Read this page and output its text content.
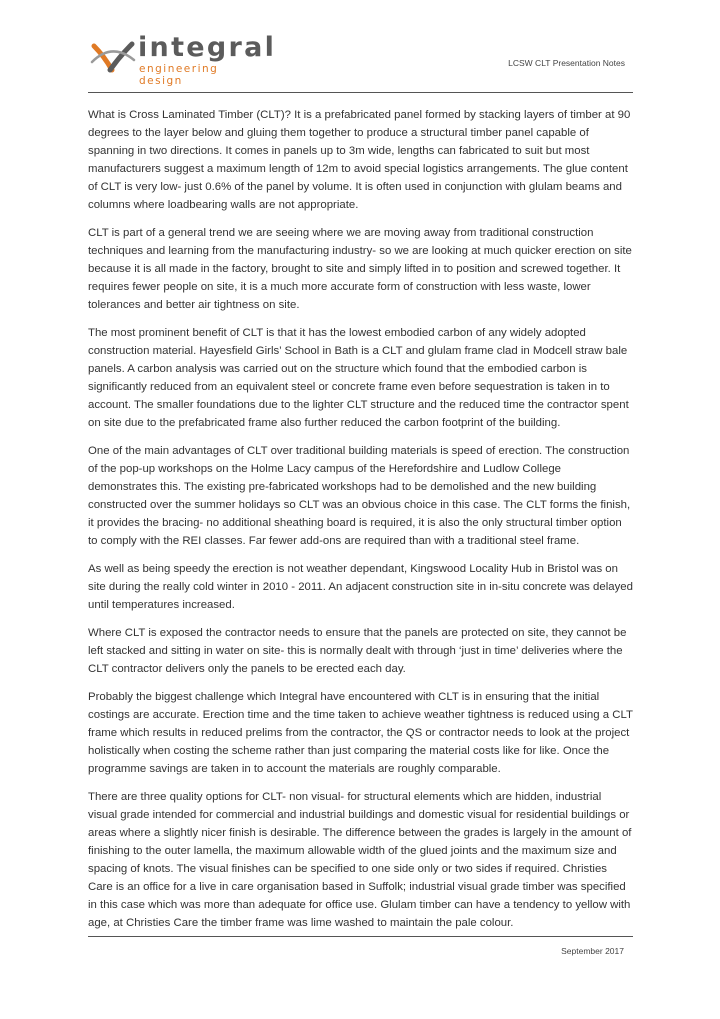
integral
engineering design
LCSW CLT Presentation Notes

What is Cross Laminated Timber (CLT)? It is a prefabricated panel formed by stacking layers of timber at 90 degrees to the layer below and gluing them together to produce a structural timber panel capable of spanning in two directions. It comes in panels up to 3m wide, lengths can fabricated to suit but most manufacturers suggest a maximum length of 12m to avoid special logistics arrangements. The glue content of CLT is very low- just 0.6% of the panel by volume. It is often used in conjunction with glulam beams and columns where loadbearing walls are not appropriate.

CLT is part of a general trend we are seeing where we are moving away from traditional construction techniques and learning from the manufacturing industry- so we are looking at much quicker erection on site because it is all made in the factory, brought to site and simply lifted in to position and screwed together. It requires fewer people on site, it is a much more accurate form of construction with less waste, lower tolerances and better air tightness on site.

The most prominent benefit of CLT is that it has the lowest embodied carbon of any widely adopted construction material. Hayesfield Girls’ School in Bath is a CLT and glulam frame clad in Modcell straw bale panels. A carbon analysis was carried out on the structure which found that the embodied carbon is significantly reduced from an equivalent steel or concrete frame even before sequestration is taken in to account. The smaller foundations due to the lighter CLT structure and the reduced time the contractor spent on site due to the prefabricated frame also further reduced the carbon footprint of the building.

One of the main advantages of CLT over traditional building materials is speed of erection. The construction of the pop-up workshops on the Holme Lacy campus of the Herefordshire and Ludlow College demonstrates this. The existing pre-fabricated workshops had to be demolished and the new building constructed over the summer holidays so CLT was an obvious choice in this case. The CLT forms the finish, it provides the bracing- no additional sheathing board is required, it is also the only structural timber option to comply with the REI classes. Far fewer add-ons are required than with a traditional steel frame.

As well as being speedy the erection is not weather dependant, Kingswood Locality Hub in Bristol was on site during the really cold winter in 2010 - 2011. An adjacent construction site in in-situ concrete was delayed until temperatures increased.

Where CLT is exposed the contractor needs to ensure that the panels are protected on site, they cannot be left stacked and sitting in water on site- this is normally dealt with through ‘just in time’ deliveries where the CLT contractor delivers only the panels to be erected each day.

Probably the biggest challenge which Integral have encountered with CLT is in ensuring that the initial costings are accurate. Erection time and the time taken to achieve weather tightness is reduced using a CLT frame which results in reduced prelims from the contractor, the QS or contractor needs to look at the project holistically when costing the scheme rather than just comparing the material costs like for like. Once the programme savings are taken in to account the materials are roughly comparable.

There are three quality options for CLT- non visual- for structural elements which are hidden, industrial visual grade intended for commercial and industrial buildings and domestic visual for residential buildings or areas where a slightly nicer finish is desirable. The difference between the grades is largely in the amount of finishing to the outer lamella, the maximum allowable width of the glued joints and the maximum size and spacing of knots. The visual finishes can be specified to one side only or two sides if required. Christies Care is an office for a live in care organisation based in Suffolk; industrial visual grade timber was specified in this case which was more than adequate for office use. Glulam timber can have a tendency to yellow with age, at Christies Care the timber frame was lime washed to maintain the pale colour.

September 2017
